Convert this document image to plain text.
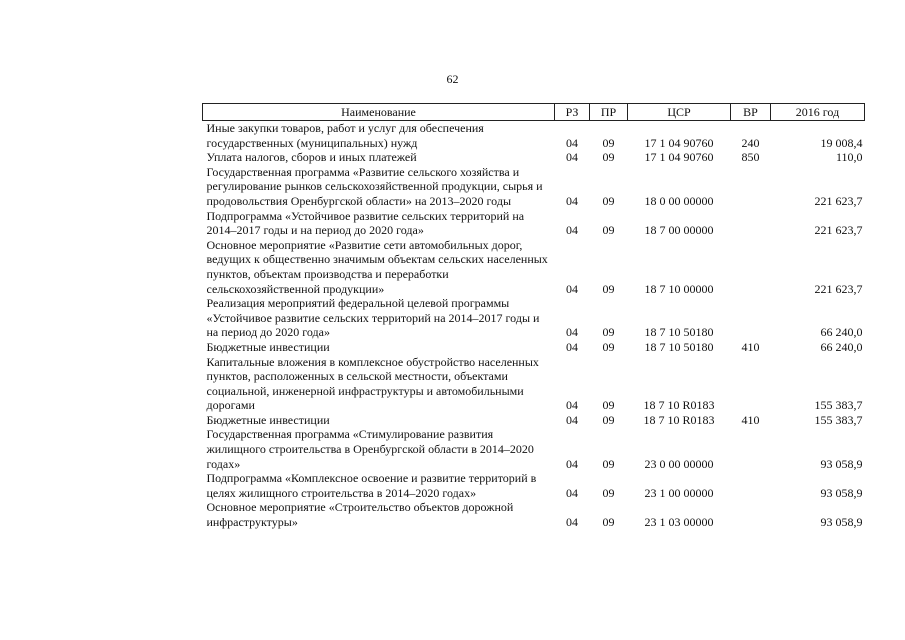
62
Наименование	РЗ	ПР	ЦСР	ВР	2016 год
Иные закупки товаров, работ и услуг для обеспечения государственных (муниципальных) нужд	04	09	17 1 04 90760	240	19 008,4
Уплата налогов, сборов и иных платежей	04	09	17 1 04 90760	850	110,0
Государственная программа «Развитие сельского хозяйства и регулирование рынков сельскохозяйственной продукции, сырья и продовольствия Оренбургской области» на 2013–2020 годы	04	09	18 0 00 00000		221 623,7
Подпрограмма «Устойчивое развитие сельских территорий на 2014–2017 годы и на период до 2020 года»	04	09	18 7 00 00000		221 623,7
Основное мероприятие «Развитие сети автомобильных дорог, ведущих к общественно значимым объектам сельских населенных пунктов, объектам производства и переработки сельскохозяйственной продукции»	04	09	18 7 10 00000		221 623,7
Реализация мероприятий федеральной целевой программы «Устойчивое развитие сельских территорий на 2014–2017 годы и на период до 2020 года»	04	09	18 7 10 50180		66 240,0
Бюджетные инвестиции	04	09	18 7 10 50180	410	66 240,0
Капитальные вложения в комплексное обустройство населенных пунктов, расположенных в сельской местности, объектами социальной, инженерной инфраструктуры и автомобильными дорогами	04	09	18 7 10 R0183		155 383,7
Бюджетные инвестиции	04	09	18 7 10 R0183	410	155 383,7
Государственная программа «Стимулирование развития жилищного строительства в Оренбургской области в 2014–2020 годах»	04	09	23 0 00 00000		93 058,9
Подпрограмма «Комплексное освоение и развитие территорий в целях жилищного строительства в 2014–2020 годах»	04	09	23 1 00 00000		93 058,9
Основное мероприятие «Строительство объектов дорожной инфраструктуры»	04	09	23 1 03 00000		93 058,9
